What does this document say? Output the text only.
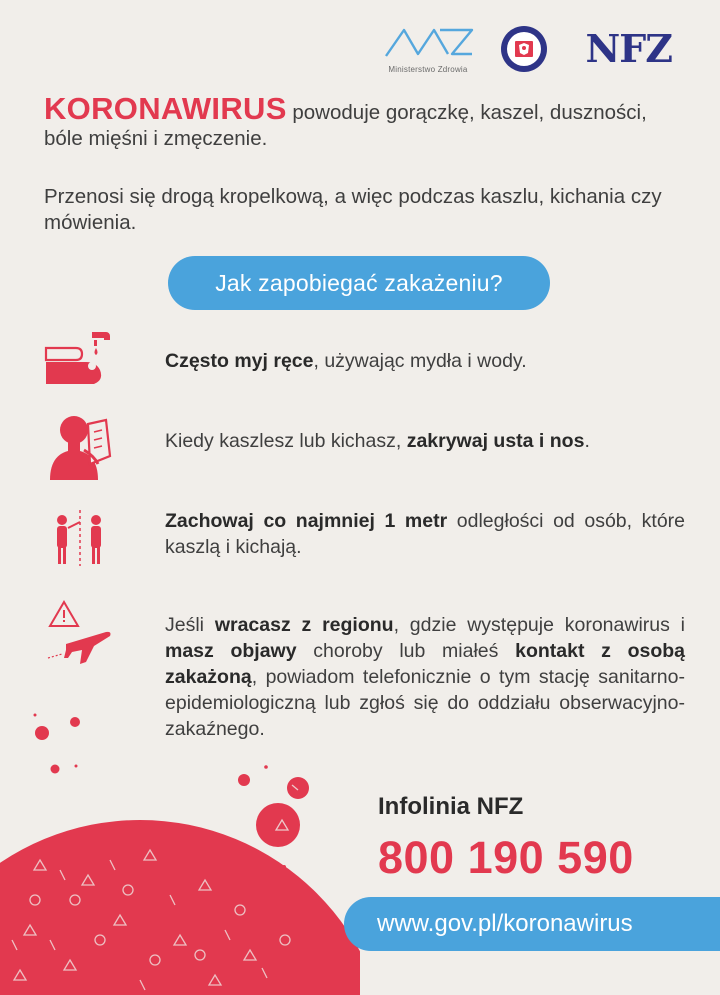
Ministerstwo Zdrowia	NFZ
KORONAWIRUS powoduje gorączkę, kaszel, duszności, bóle mięśni i zmęczenie.
Przenosi się drogą kropelkową, a więc podczas kaszlu, kichania czy mówienia.
Jak zapobiegać zakażeniu?
Często myj ręce, używając mydła i wody.
Kiedy kaszlesz lub kichasz, zakrywaj usta i nos.
Zachowaj co najmniej 1 metr odległości od osób, które kaszlą i kichają.
Jeśli wracasz z regionu, gdzie występuje koronawirus i masz objawy choroby lub miałeś kontakt z osobą zakażoną, powiadom telefonicznie o tym stację sanitarno-epidemiologiczną lub zgłoś się do oddziału obserwacyjno-zakaźnego.
Infolinia NFZ
800 190 590
www.gov.pl/koronawirus
